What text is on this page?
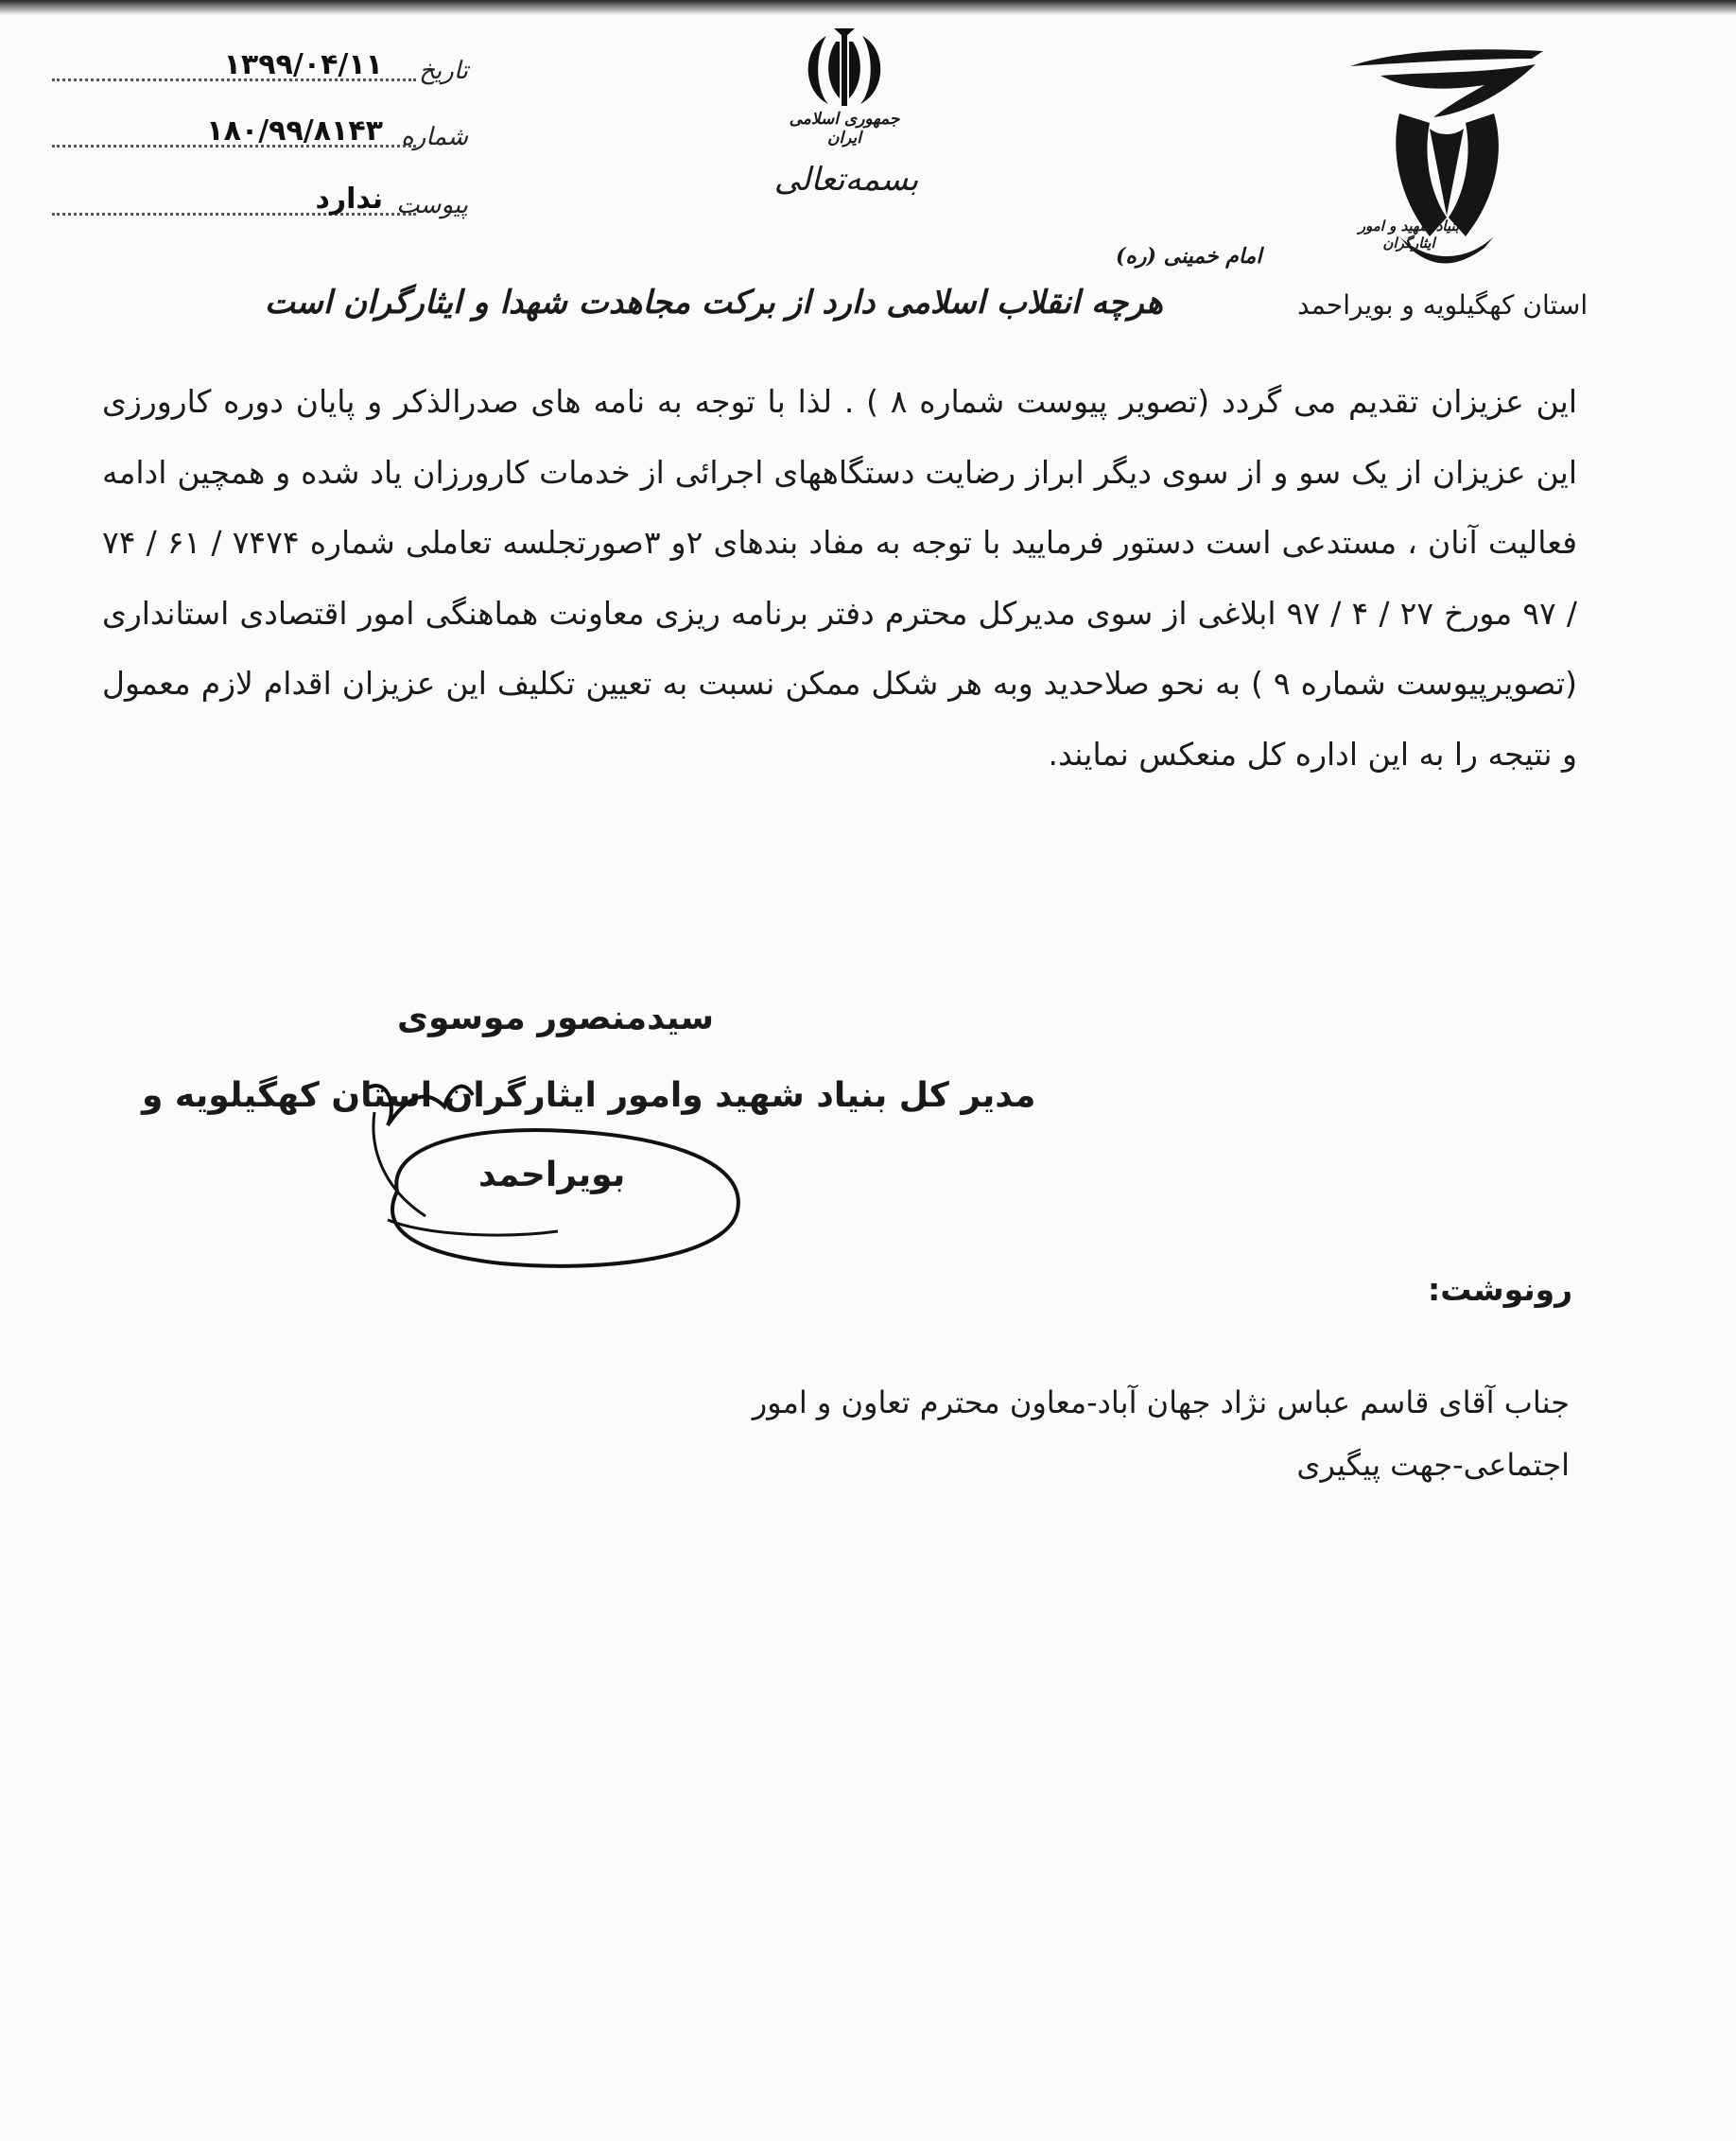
۱۳۹۹/۰۴/۱۱ تاریخ
۱۸۰/۹۹/۸۱۴۳ شماره
ندارد پیوست
جمهوری اسلامی ایران
بسمه‌تعالی
امام خمینی (ره)
هرچه انقلاب اسلامی دارد از برکت مجاهدت شهدا و ایثارگران است
بنیاد شهید و امور ایثارگران
استان کهگیلویه و بویراحمد

این عزیزان تقدیم می گردد (تصویر پیوست شماره ۸ ) . لذا با توجه به نامه های صدرالذکر و پایان دوره کارورزی این عزیزان از یک سو و از سوی دیگر ابراز رضایت دستگاههای اجرائی از خدمات کارورزان یاد شده و همچین ادامه فعالیت آنان ، مستدعی است دستور فرمایید با توجه به مفاد بندهای ۲و ۳صورتجلسه تعاملی شماره ۷۴۷۴ / ۶۱ / ۷۴ / ۹۷ مورخ ۲۷ / ۴ / ۹۷ ابلاغی از سوی مدیرکل محترم دفتر برنامه ریزی معاونت هماهنگی امور اقتصادی استانداری (تصویرپیوست شماره ۹ ) به نحو صلاحدید وبه هر شکل ممکن نسبت به تعیین تکلیف این عزیزان اقدام لازم معمول و نتیجه را به این اداره کل منعکس نمایند.

سیدمنصور موسوی
مدیر کل بنیاد شهید وامور ایثارگران استان کهگیلویه و
بویراحمد
رونوشت:
جناب آقای قاسم عباس نژاد جهان آباد-معاون محترم تعاون و امور
اجتماعی-جهت پیگیری
